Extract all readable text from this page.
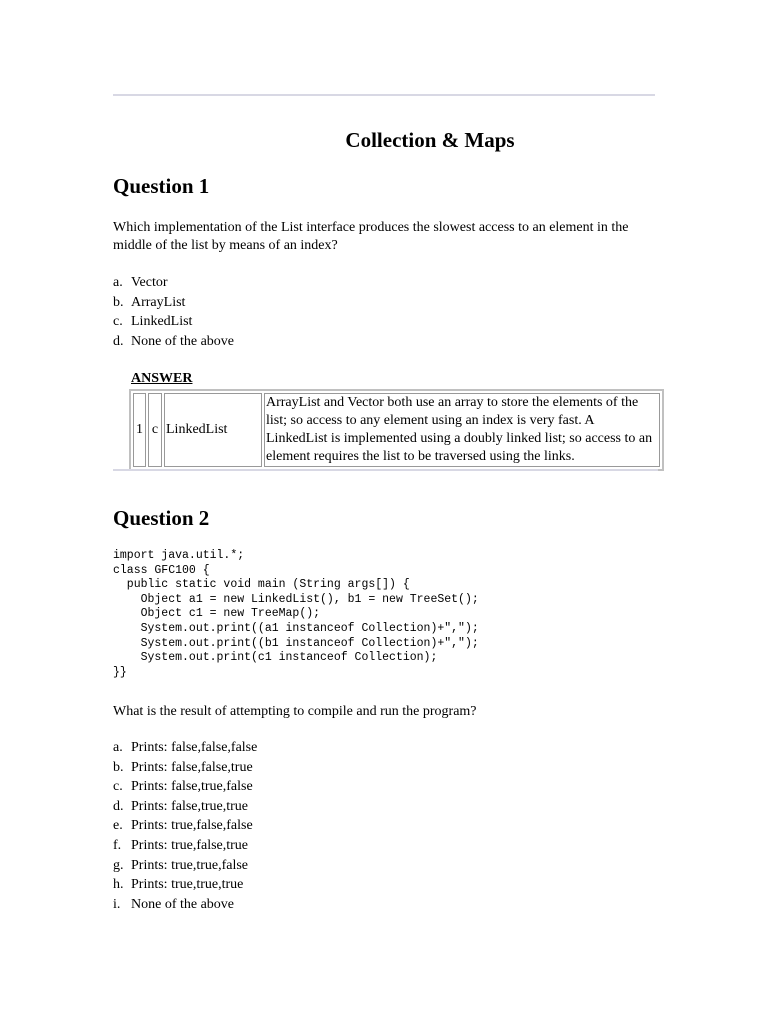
Collection & Maps
Question 1
Which implementation of the List interface produces the slowest access to an element in the middle of the list by means of an index?
a. Vector
b. ArrayList
c. LinkedList
d. None of the above
ANSWER
1	c	LinkedList	ArrayList and Vector both use an array to store the elements of the list; so access to any element using an index is very fast. A LinkedList is implemented using a doubly linked list; so access to an element requires the list to be traversed using the links.
Question 2
import java.util.*;
class GFC100 {
public static void main (String args[]) {
Object a1 = new LinkedList(), b1 = new TreeSet();
Object c1 = new TreeMap();
System.out.print((a1 instanceof Collection)+",");
System.out.print((b1 instanceof Collection)+",");
System.out.print(c1 instanceof Collection);
}}
What is the result of attempting to compile and run the program?
a. Prints: false,false,false
b. Prints: false,false,true
c. Prints: false,true,false
d. Prints: false,true,true
e. Prints: true,false,false
f. Prints: true,false,true
g. Prints: true,true,false
h. Prints: true,true,true
i. None of the above
